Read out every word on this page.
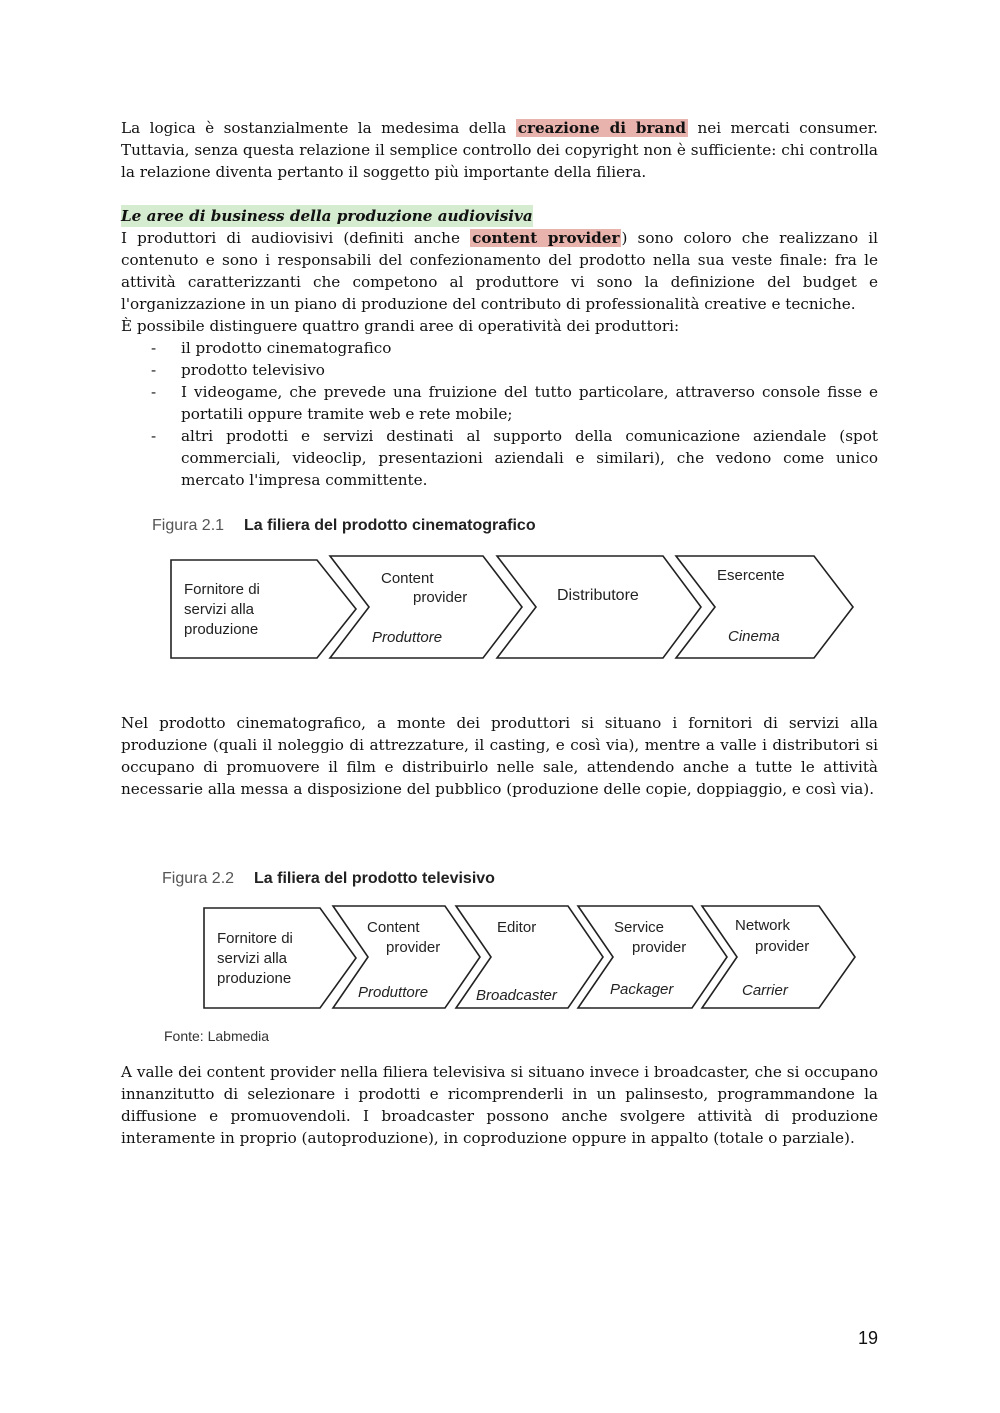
La logica è sostanzialmente la medesima della creazione di brand nei mercati consumer. Tuttavia, senza questa relazione il semplice controllo dei copyright non è sufficiente: chi controlla la relazione diventa pertanto il soggetto più importante della filiera.

Le aree di business della produzione audiovisiva

I produttori di audiovisivi (definiti anche content provider ) sono coloro che realizzano il contenuto e sono i responsabili del confezionamento del prodotto nella sua veste finale: fra le attività caratterizzanti che competono al produttore vi sono la definizione del budget e l'organizzazione in un piano di produzione del contributo di professionalità creative e tecniche.

È possibile distinguere quattro grandi aree di operatività dei produttori:

- il prodotto cinematografico
- prodotto televisivo
- I videogame, che prevede una fruizione del tutto particolare, attraverso console fisse e portatili oppure tramite web e rete mobile;
- altri prodotti e servizi destinati al supporto della comunicazione aziendale (spot commerciali, videoclip, presentazioni aziendali e similari), che vedono come unico mercato l'impresa committente.
Figura 2.1 La filiera del prodotto cinematografico
Fornitore di
servizi alla
produzione
Content
provider
Produttore
Distributore
Esercente
Cinema

Nel prodotto cinematografico, a monte dei produttori si situano i fornitori di servizi alla produzione (quali il noleggio di attrezzature, il casting, e così via), mentre a valle i distributori si occupano di promuovere il film e distribuirlo nelle sale, attendendo anche a tutte le attività necessarie alla messa a disposizione del pubblico (produzione delle copie, doppiaggio, e così via).

Figura 2.2 La filiera del prodotto televisivo
Fornitore di
servizi alla
produzione
Content
provider
Produttore
Editor
Broadcaster
Service
provider
Packager
Network
provider
Carrier
Fonte: Labmedia

A valle dei content provider nella filiera televisiva si situano invece i broadcaster, che si occupano innanzitutto di selezionare i prodotti e ricomprenderli in un palinsesto, programmandone la diffusione e promuovendoli. I broadcaster possono anche svolgere attività di produzione interamente in proprio (autoproduzione), in coproduzione oppure in appalto (totale o parziale).

19
